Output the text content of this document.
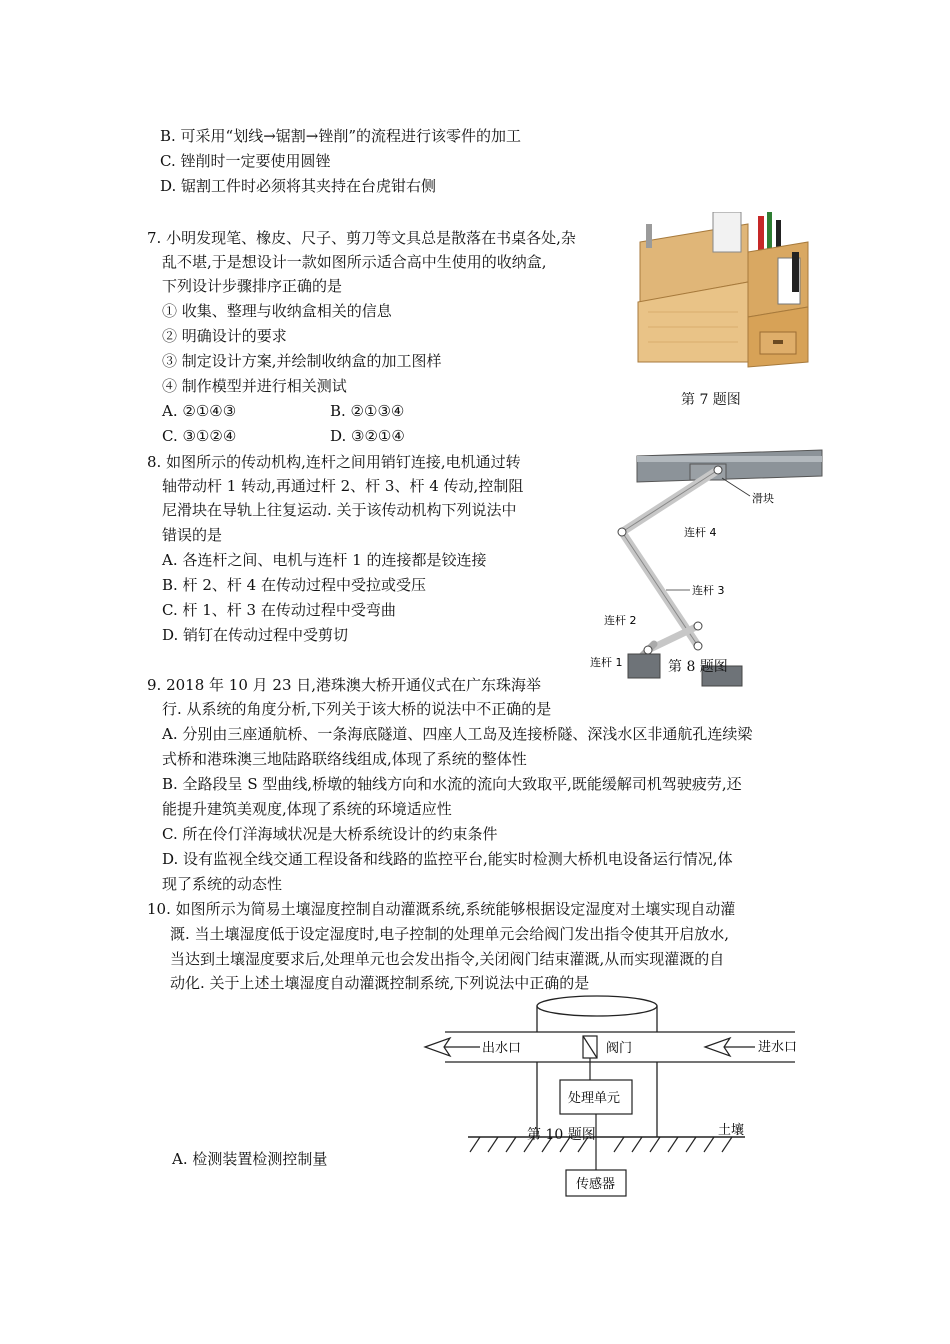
B. 可采用“划线→锯割→锉削”的流程进行该零件的加工
C. 锉削时一定要使用圆锉
D. 锯割工件时必须将其夹持在台虎钳右侧
7. 小明发现笔、橡皮、尺子、剪刀等文具总是散落在书桌各处,杂
乱不堪,于是想设计一款如图所示适合高中生使用的收纳盒,
下列设计步骤排序正确的是
① 收集、整理与收纳盒相关的信息
② 明确设计的要求
③ 制定设计方案,并绘制收纳盒的加工图样
④ 制作模型并进行相关测试
A. ②①④③	B. ②①③④
C. ③①②④	D. ③②①④
第 7 题图
8. 如图所示的传动机构,连杆之间用销钉连接,电机通过转
轴带动杆 1 转动,再通过杆 2、杆 3、杆 4 传动,控制阻
尼滑块在导轨上往复运动. 关于该传动机构下列说法中
错误的是
A. 各连杆之间、电机与连杆 1 的连接都是铰连接
B. 杆 2、杆 4 在传动过程中受拉或受压
C. 杆 1、杆 3 在传动过程中受弯曲
D. 销钉在传动过程中受剪切
滑块
连杆 4
连杆 3
连杆 2
连杆 1	第 8 题图
9. 2018 年 10 月 23 日,港珠澳大桥开通仪式在广东珠海举
行. 从系统的角度分析,下列关于该大桥的说法中不正确的是
A. 分别由三座通航桥、一条海底隧道、四座人工岛及连接桥隧、深浅水区非通航孔连续梁
式桥和港珠澳三地陆路联络线组成,体现了系统的整体性
B. 全路段呈 S 型曲线,桥墩的轴线方向和水流的流向大致取平,既能缓解司机驾驶疲劳,还
能提升建筑美观度,体现了系统的环境适应性
C. 所在伶仃洋海域状况是大桥系统设计的约束条件
D. 设有监视全线交通工程设备和线路的监控平台,能实时检测大桥机电设备运行情况,体
现了系统的动态性
10. 如图所示为简易土壤湿度控制自动灌溉系统,系统能够根据设定湿度对土壤实现自动灌
溉. 当土壤湿度低于设定湿度时,电子控制的处理单元会给阀门发出指令使其开启放水,
当达到土壤湿度要求后,处理单元也会发出指令,关闭阀门结束灌溉,从而实现灌溉的自
动化. 关于上述土壤湿度自动灌溉控制系统,下列说法中正确的是
出水口	阀门	进水口
处理单元
土壤
传感器
第 10 题图
A. 检测装置检测控制量
